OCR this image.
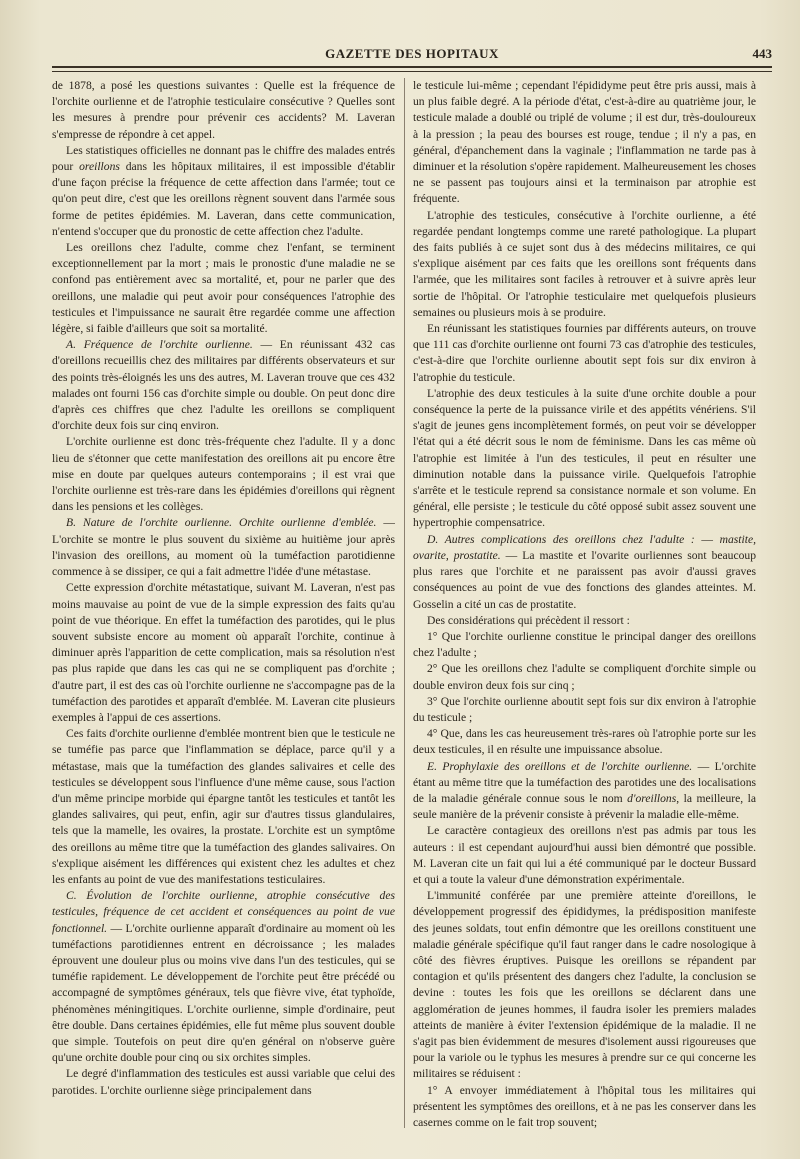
GAZETTE DES HOPITAUX	443

de 1878, a posé les questions suivantes : Quelle est la fréquence de l'orchite ourlienne et de l'atrophie testiculaire consécutive ? Quelles sont les mesures à prendre pour prévenir ces accidents? M. Laveran s'empresse de répondre à cet appel.

Les statistiques officielles ne donnant pas le chiffre des malades entrés pour oreillons dans les hôpitaux militaires, il est impossible d'établir d'une façon précise la fréquence de cette affection dans l'armée; tout ce qu'on peut dire, c'est que les oreillons règnent souvent dans l'armée sous forme de petites épidémies. M. Laveran, dans cette communication, n'entend s'occuper que du pronostic de cette affection chez l'adulte.

Les oreillons chez l'adulte, comme chez l'enfant, se terminent exceptionnellement par la mort ; mais le pronostic d'une maladie ne se confond pas entièrement avec sa mortalité, et, pour ne parler que des oreillons, une maladie qui peut avoir pour conséquences l'atrophie des testicules et l'impuissance ne saurait être regardée comme une affection légère, si faible d'ailleurs que soit sa mortalité.

A. Fréquence de l'orchite ourlienne. — En réunissant 432 cas d'oreillons recueillis chez des militaires par différents observateurs et sur des points très-éloignés les uns des autres, M. Laveran trouve que ces 432 malades ont fourni 156 cas d'orchite simple ou double. On peut donc dire d'après ces chiffres que chez l'adulte les oreillons se compliquent d'orchite deux fois sur cinq environ.

L'orchite ourlienne est donc très-fréquente chez l'adulte. Il y a donc lieu de s'étonner que cette manifestation des oreillons ait pu encore être mise en doute par quelques auteurs contemporains ; il est vrai que l'orchite ourlienne est très-rare dans les épidémies d'oreillons qui règnent dans les pensions et les collèges.

B. Nature de l'orchite ourlienne. Orchite ourlienne d'emblée. — L'orchite se montre le plus souvent du sixième au huitième jour après l'invasion des oreillons, au moment où la tuméfaction parotidienne commence à se dissiper, ce qui a fait admettre l'idée d'une métastase.

Cette expression d'orchite métastatique, suivant M. Laveran, n'est pas moins mauvaise au point de vue de la simple expression des faits qu'au point de vue théorique. En effet la tuméfaction des parotides, qui le plus souvent subsiste encore au moment où apparaît l'orchite, continue à diminuer après l'apparition de cette complication, mais sa résolution n'est pas plus rapide que dans les cas qui ne se compliquent pas d'orchite ; d'autre part, il est des cas où l'orchite ourlienne ne s'accompagne pas de la tuméfaction des parotides et apparaît d'emblée. M. Laveran cite plusieurs exemples à l'appui de ces assertions.

Ces faits d'orchite ourlienne d'emblée montrent bien que le testicule ne se tuméfie pas parce que l'inflammation se déplace, parce qu'il y a métastase, mais que la tuméfaction des glandes salivaires et celle des testicules se développent sous l'influence d'une même cause, sous l'action d'un même principe morbide qui épargne tantôt les testicules et tantôt les glandes salivaires, qui peut, enfin, agir sur d'autres tissus glandulaires, tels que la mamelle, les ovaires, la prostate. L'orchite est un symptôme des oreillons au même titre que la tuméfaction des glandes salivaires. On s'explique aisément les différences qui existent chez les adultes et chez les enfants au point de vue des manifestations testiculaires.

C. Évolution de l'orchite ourlienne, atrophie consécutive des testicules, fréquence de cet accident et conséquences au point de vue fonctionnel. — L'orchite ourlienne apparaît d'ordinaire au moment où les tuméfactions parotidiennes entrent en décroissance ; les malades éprouvent une douleur plus ou moins vive dans l'un des testicules, qui se tuméfie rapidement. Le développement de l'orchite peut être précédé ou accompagné de symptômes généraux, tels que fièvre vive, état typhoïde, phénomènes méningitiques. L'orchite ourlienne, simple d'ordinaire, peut être double. Dans certaines épidémies, elle fut même plus souvent double que simple. Toutefois on peut dire qu'en général on n'observe guère qu'une orchite double pour cinq ou six orchites simples.

Le degré d'inflammation des testicules est aussi variable que celui des parotides. L'orchite ourlienne siège principalement dans

le testicule lui-même ; cependant l'épididyme peut être pris aussi, mais à un plus faible degré. A la période d'état, c'est-à-dire au quatrième jour, le testicule malade a doublé ou triplé de volume ; il est dur, très-douloureux à la pression ; la peau des bourses est rouge, tendue ; il n'y a pas, en général, d'épanchement dans la vaginale ; l'inflammation ne tarde pas à diminuer et la résolution s'opère rapidement. Malheureusement les choses ne se passent pas toujours ainsi et la terminaison par atrophie est fréquente.

L'atrophie des testicules, consécutive à l'orchite ourlienne, a été regardée pendant longtemps comme une rareté pathologique. La plupart des faits publiés à ce sujet sont dus à des médecins militaires, ce qui s'explique aisément par ces faits que les oreillons sont fréquents dans l'armée, que les militaires sont faciles à retrouver et à suivre après leur sortie de l'hôpital. Or l'atrophie testiculaire met quelquefois plusieurs semaines ou plusieurs mois à se produire.

En réunissant les statistiques fournies par différents auteurs, on trouve que 111 cas d'orchite ourlienne ont fourni 73 cas d'atrophie des testicules, c'est-à-dire que l'orchite ourlienne aboutit sept fois sur dix environ à l'atrophie du testicule.

L'atrophie des deux testicules à la suite d'une orchite double a pour conséquence la perte de la puissance virile et des appétits vénériens. S'il s'agit de jeunes gens incomplètement formés, on peut voir se développer l'état qui a été décrit sous le nom de féminisme. Dans les cas même où l'atrophie est limitée à l'un des testicules, il peut en résulter une diminution notable dans la puissance virile. Quelquefois l'atrophie s'arrête et le testicule reprend sa consistance normale et son volume. En général, elle persiste ; le testicule du côté opposé subit assez souvent une hypertrophie compensatrice.

D. Autres complications des oreillons chez l'adulte : — mastite, ovarite, prostatite. — La mastite et l'ovarite ourliennes sont beaucoup plus rares que l'orchite et ne paraissent pas avoir d'aussi graves conséquences au point de vue des fonctions des glandes atteintes. M. Gosselin a cité un cas de prostatite.

Des considérations qui précèdent il ressort :

1° Que l'orchite ourlienne constitue le principal danger des oreillons chez l'adulte ;

2° Que les oreillons chez l'adulte se compliquent d'orchite simple ou double environ deux fois sur cinq ;

3° Que l'orchite ourlienne aboutit sept fois sur dix environ à l'atrophie du testicule ;

4° Que, dans les cas heureusement très-rares où l'atrophie porte sur les deux testicules, il en résulte une impuissance absolue.

E. Prophylaxie des oreillons et de l'orchite ourlienne. — L'orchite étant au même titre que la tuméfaction des parotides une des localisations de la maladie générale connue sous le nom d'oreillons, la meilleure, la seule manière de la prévenir consiste à prévenir la maladie elle-même.

Le caractère contagieux des oreillons n'est pas admis par tous les auteurs : il est cependant aujourd'hui aussi bien démontré que possible. M. Laveran cite un fait qui lui a été communiqué par le docteur Bussard et qui a toute la valeur d'une démonstration expérimentale.

L'immunité conférée par une première atteinte d'oreillons, le développement progressif des épididymes, la prédisposition manifeste des jeunes soldats, tout enfin démontre que les oreillons constituent une maladie générale spécifique qu'il faut ranger dans le cadre nosologique à côté des fièvres éruptives. Puisque les oreillons se répandent par contagion et qu'ils présentent des dangers chez l'adulte, la conclusion se devine : toutes les fois que les oreillons se déclarent dans une agglomération de jeunes hommes, il faudra isoler les premiers malades atteints de manière à éviter l'extension épidémique de la maladie. Il ne s'agit pas bien évidemment de mesures d'isolement aussi rigoureuses que pour la variole ou le typhus les mesures à prendre sur ce qui concerne les militaires se réduisent :

1° A envoyer immédiatement à l'hôpital tous les militaires qui présentent les symptômes des oreillons, et à ne pas les conserver dans les casernes comme on le fait trop souvent;
